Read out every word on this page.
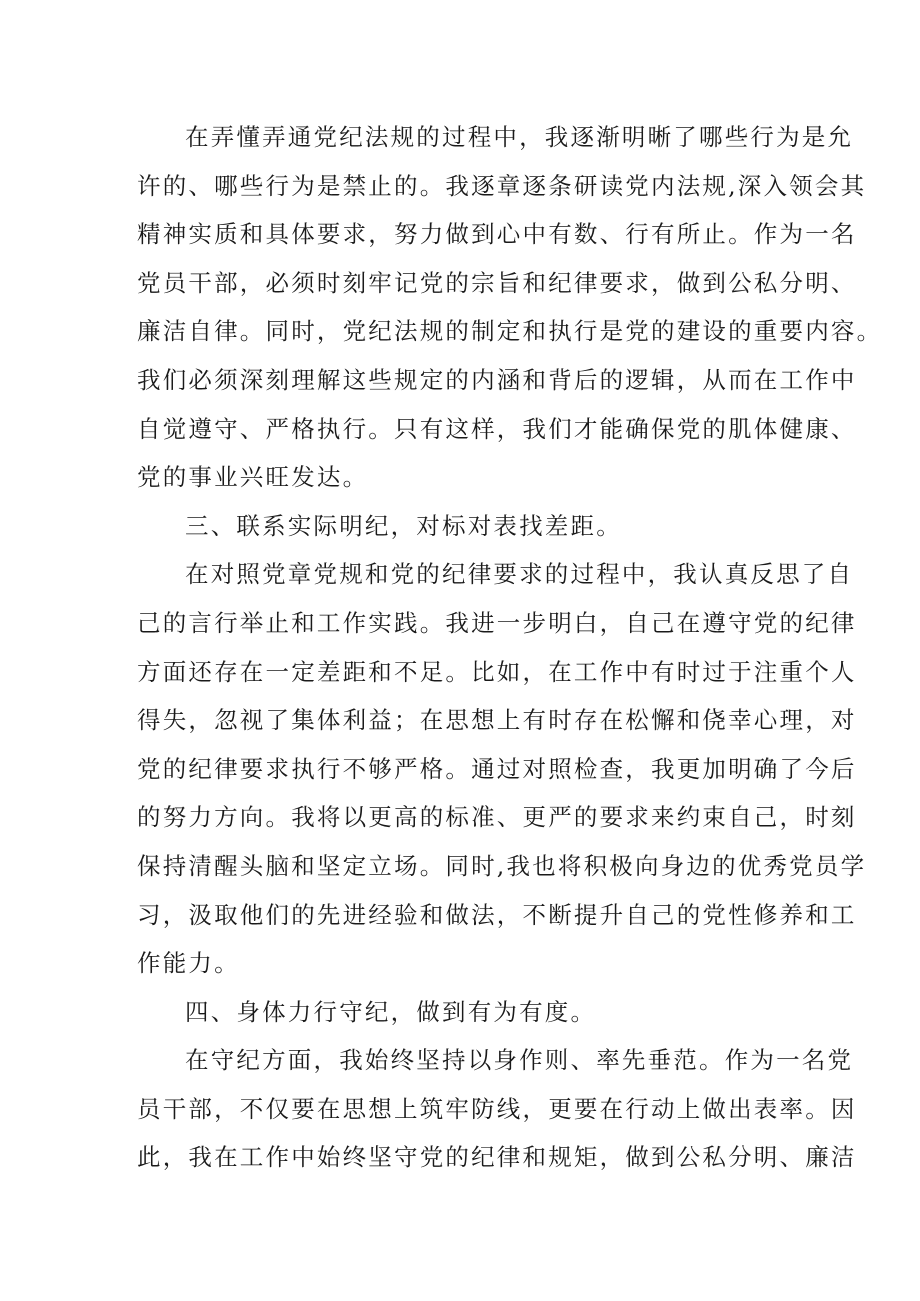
在弄懂弄通党纪法规的过程中，我逐渐明晰了哪些行为是允
许的、哪些行为是禁止的。我逐章逐条研读党内法规,深入领会其
精神实质和具体要求，努力做到心中有数、行有所止。作为一名
党员干部，必须时刻牢记党的宗旨和纪律要求，做到公私分明、
廉洁自律。同时，党纪法规的制定和执行是党的建设的重要内容。
我们必须深刻理解这些规定的内涵和背后的逻辑，从而在工作中
自觉遵守、严格执行。只有这样，我们才能确保党的肌体健康、
党的事业兴旺发达。
三、联系实际明纪，对标对表找差距。
在对照党章党规和党的纪律要求的过程中，我认真反思了自
己的言行举止和工作实践。我进一步明白，自己在遵守党的纪律
方面还存在一定差距和不足。比如，在工作中有时过于注重个人
得失，忽视了集体利益；在思想上有时存在松懈和侥幸心理，对
党的纪律要求执行不够严格。通过对照检查，我更加明确了今后
的努力方向。我将以更高的标准、更严的要求来约束自己，时刻
保持清醒头脑和坚定立场。同时,我也将积极向身边的优秀党员学
习，汲取他们的先进经验和做法，不断提升自己的党性修养和工
作能力。
四、身体力行守纪，做到有为有度。
在守纪方面，我始终坚持以身作则、率先垂范。作为一名党
员干部，不仅要在思想上筑牢防线，更要在行动上做出表率。因
此，我在工作中始终坚守党的纪律和规矩，做到公私分明、廉洁
